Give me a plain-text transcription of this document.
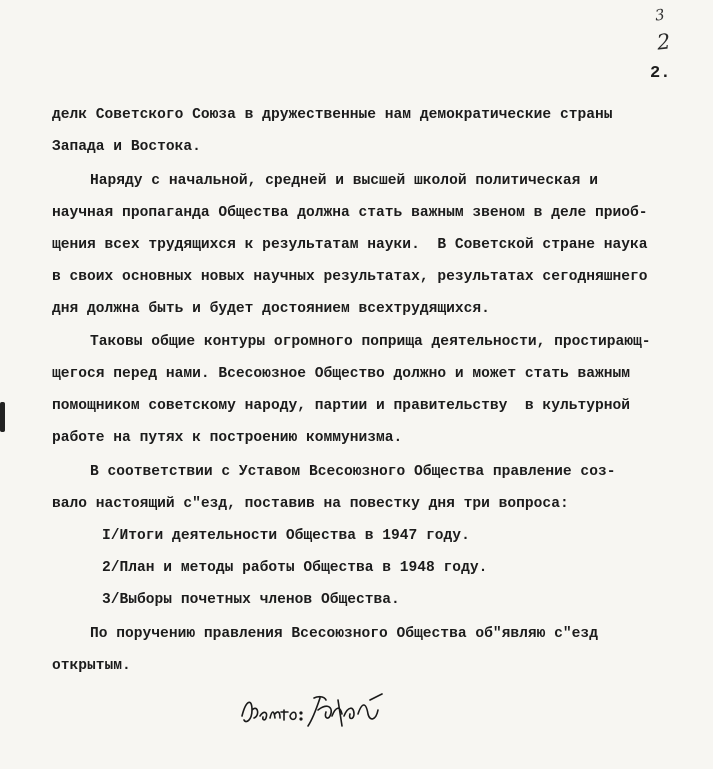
3
2
2.
делк Советского Союза в дружественные нам демократические страны
Запада и Востока.
Наряду с начальной, средней и высшей школой политическая и
научная пропаганда Общества должна стать важным звеном в деле приоб-
щения всех трудящихся к результатам науки.  В Советской стране наука
в своих основных новых научных результатах, результатах сегодняшнего
дня должна быть и будет достоянием всехтрудящихся.
Таковы общие контуры огромного поприща деятельности, простирающ-
щегося перед нами. Всесоюзное Общество должно и может стать важным
помощником советскому народу, партии и правительству  в культурной
работе на путях к построению коммунизма.
В соответствии с Уставом Всесоюзного Общества правление соз-
вало настоящий с"езд, поставив на повестку дня три вопроса:
I/Итоги деятельности Общества в 1947 году.
2/План и методы работы Общества в 1948 году.
3/Выборы почетных членов Общества.
По поручению правления Всесоюзного Общества об"являю с"езд
открытым.
